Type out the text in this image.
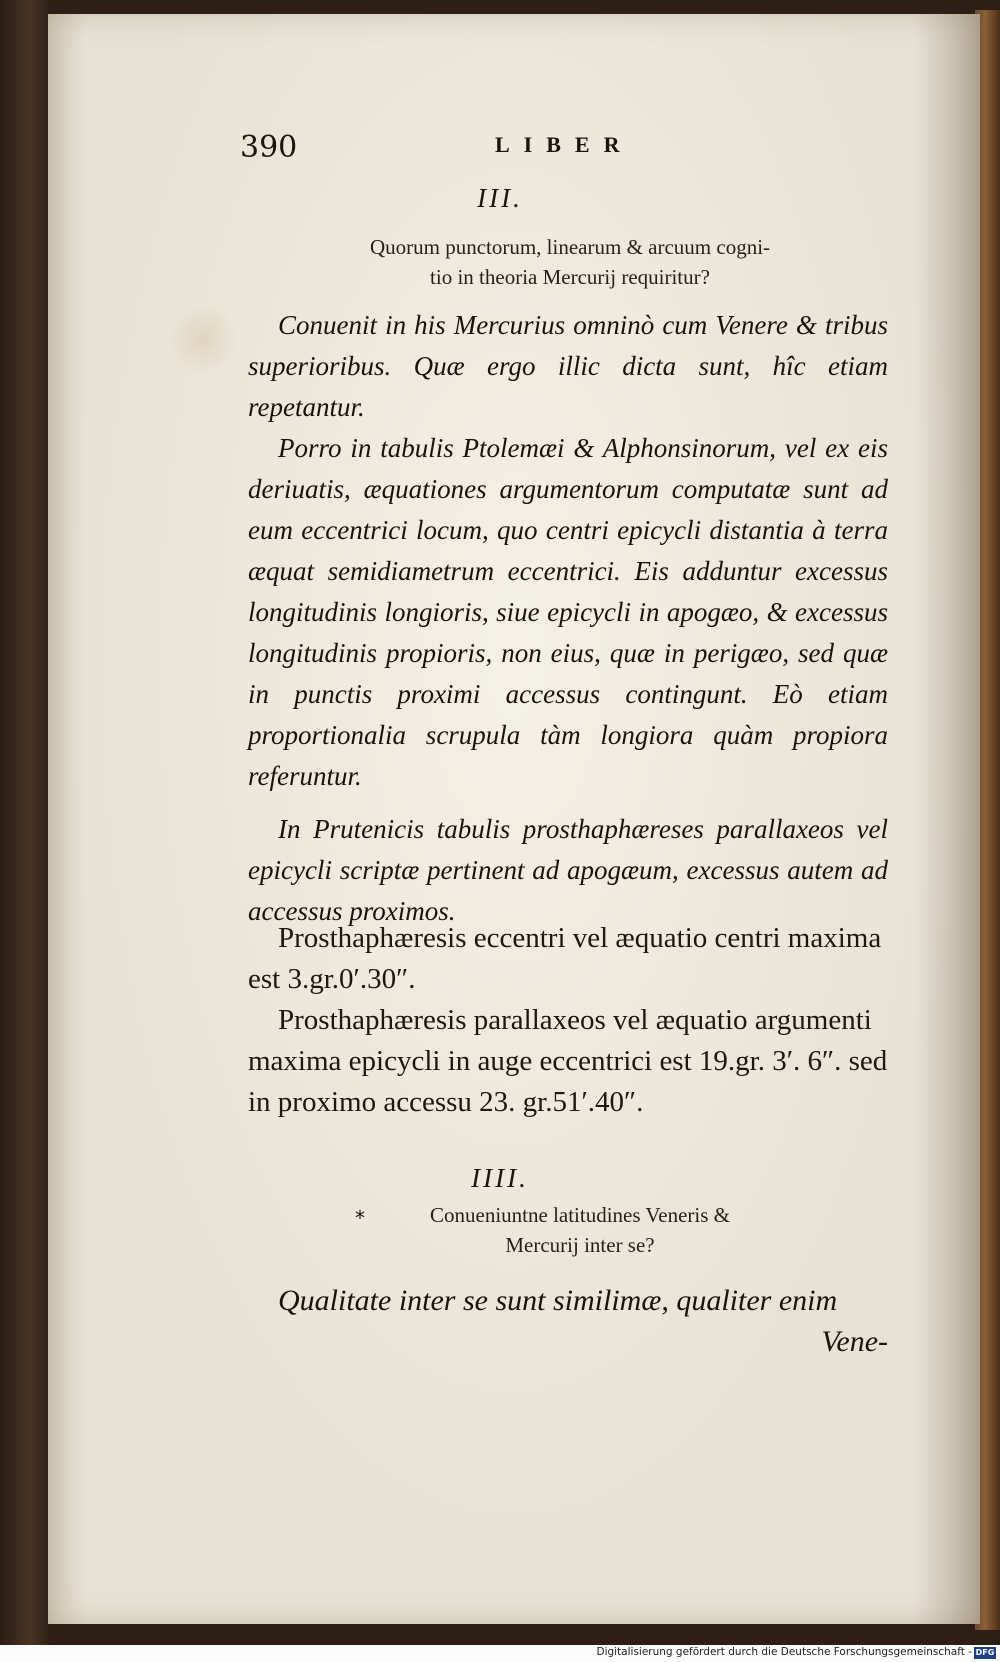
390	LIBER
III.
Quorum punctorum, linearum & arcuum cogni-
tio in theoria Mercurij requiritur?

Conuenit in his Mercurius omninò cum Venere & tribus superioribus. Quæ ergo illic dicta sunt, hîc etiam repetantur.

Porro in tabulis Ptolemæi & Alphonsinorum, vel ex eis deriuatis, æquationes argumentorum computatæ sunt ad eum eccentrici locum, quo centri epicycli distantia à terra æquat semidiametrum eccentrici. Eis adduntur excessus longitudinis longioris, siue epicycli in apogæo, & excessus longitudinis propioris, non eius, quæ in perigæo, sed quæ in punctis proximi accessus contingunt. Eò etiam proportionalia scrupula tàm longiora quàm propiora referuntur.

In Prutenicis tabulis prosthaphæreses parallaxeos vel epicycli scriptæ pertinent ad apogæum, excessus autem ad accessus proximos.

Prosthaphæresis eccentri vel æquatio centri maxima est 3.gr.0′.30″.

Prosthaphæresis parallaxeos vel æquatio argumenti maxima epicycli in auge eccentrici est 19.gr. 3′. 6″. sed in proximo accessu 23. gr.51′.40″.

IIII.
*	Conueniuntne latitudines Veneris &
Mercurij inter se?

Qualitate inter se sunt similimæ, qualiter enim

Vene-

Digitalisierung gefördert durch die Deutsche Forschungsgemeinschaft - DFG
